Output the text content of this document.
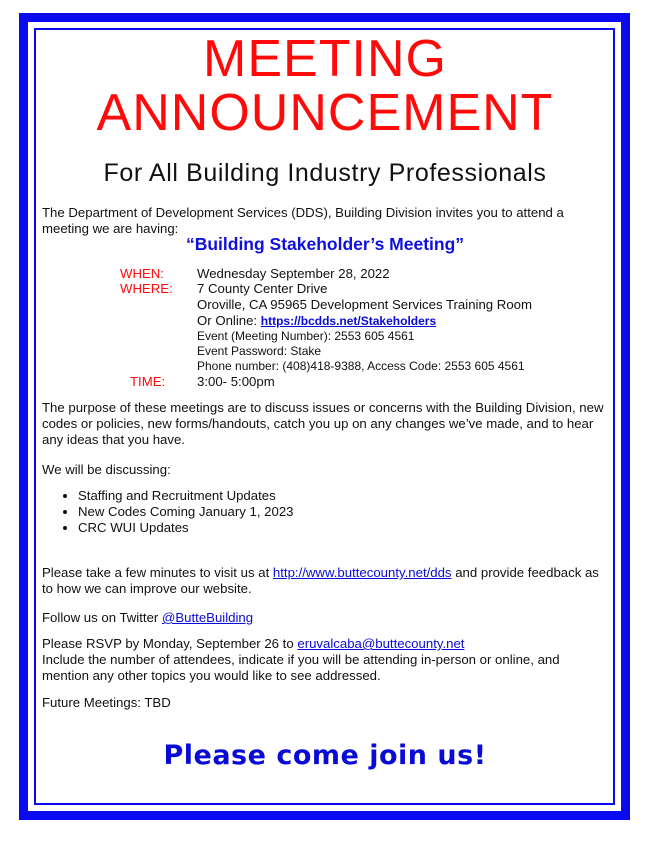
MEETING
ANNOUNCEMENT
For All Building Industry Professionals
The Department of Development Services (DDS), Building Division invites you to attend a meeting we are having:
“Building Stakeholder’s Meeting”
WHEN:	Wednesday September 28, 2022
WHERE: 7 County Center Drive
Oroville, CA 95965 Development Services Training Room
Or Online: https://bcdds.net/Stakeholders
Event (Meeting Number): 2553 605 4561
Event Password: Stake
Phone number: (408)418-9388, Access Code: 2553 605 4561
TIME: 3:00- 5:00pm
The purpose of these meetings are to discuss issues or concerns with the Building Division, new codes or policies, new forms/handouts, catch you up on any changes we’ve made, and to hear any ideas that you have.
We will be discussing:
• Staffing and Recruitment Updates
• New Codes Coming January 1, 2023
• CRC WUI Updates
Please take a few minutes to visit us at http://www.buttecounty.net/dds and provide feedback as to how we can improve our website.
Follow us on Twitter @ButteBuilding
Please RSVP by Monday, September 26 to eruvalcaba@buttecounty.net
Include the number of attendees, indicate if you will be attending in-person or online, and mention any other topics you would like to see addressed.
Future Meetings: TBD
Please come join us!
